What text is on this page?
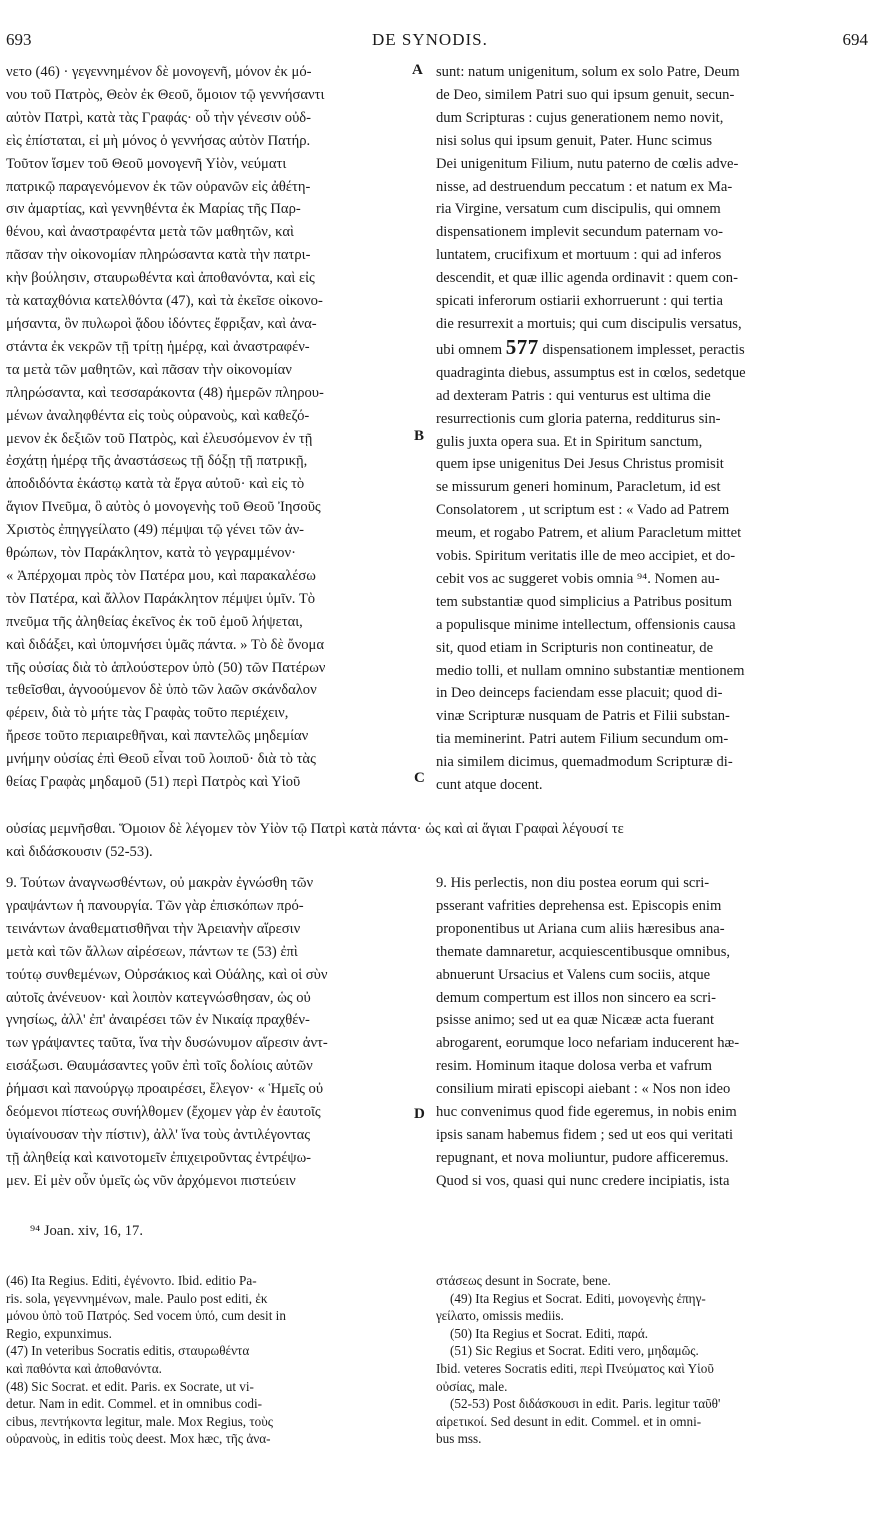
693	DE SYNODIS.	694
νετο (46) · γεγεννημένον δὲ μονογενῆ, μόνον ἐκ μό-
νου τοῦ Πατρὸς, Θεὸν ἐκ Θεοῦ, ὅμοιον τῷ γεννήσαντι
αὐτὸν Πατρὶ, κατὰ τὰς Γραφάς· οὗ τὴν γένεσιν οὐδ-
εὶς ἐπίσταται, εἰ μὴ μόνος ὁ γεννήσας αὐτὸν Πατήρ.
Τοῦτον ἴσμεν τοῦ Θεοῦ μονογενῆ Υἱὸν, νεύματι
πατρικῷ παραγενόμενον ἐκ τῶν οὐρανῶν εἰς ἀθέτη-
σιν ἁμαρτίας, καὶ γεννηθέντα ἐκ Μαρίας τῆς Παρ-
θένου, καὶ ἀναστραφέντα μετὰ τῶν μαθητῶν, καὶ
πᾶσαν τὴν οἰκονομίαν πληρώσαντα κατὰ τὴν πατρι-
κὴν βούλησιν, σταυρωθέντα καὶ ἀποθανόντα, καὶ εἰς
τὰ καταχθόνια κατελθόντα (47), καὶ τὰ ἐκεῖσε οἰκονο-
μήσαντα, ὃν πυλωροὶ ᾅδου ἰδόντες ἔφριξαν, καὶ ἀνα-
στάντα ἐκ νεκρῶν τῇ τρίτῃ ἡμέρᾳ, καὶ ἀναστραφέν-
τα μετὰ τῶν μαθητῶν, καὶ πᾶσαν τὴν οἰκονομίαν
πληρώσαντα, καὶ τεσσαράκοντα (48) ἡμερῶν πληρου-
μένων ἀναληφθέντα εἰς τοὺς οὐρανοὺς, καὶ καθεζό-
μενον ἐκ δεξιῶν τοῦ Πατρὸς, καὶ ἐλευσόμενον ἐν τῇ
ἐσχάτῃ ἡμέρᾳ τῆς ἀναστάσεως τῇ δόξῃ τῇ πατρικῇ,
ἀποδιδόντα ἑκάστῳ κατὰ τὰ ἔργα αὐτοῦ· καὶ εἰς τὸ
ἅγιον Πνεῦμα, ὃ αὐτὸς ὁ μονογενὴς τοῦ Θεοῦ Ἰησοῦς
Χριστὸς ἐπηγγείλατο (49) πέμψαι τῷ γένει τῶν ἀν-
θρώπων, τὸν Παράκλητον, κατὰ τὸ γεγραμμένον·
« Ἀπέρχομαι πρὸς τὸν Πατέρα μου, καὶ παρακαλέσω
τὸν Πατέρα, καὶ ἄλλον Παράκλητον πέμψει ὑμῖν. Τὸ
πνεῦμα τῆς ἀληθείας ἐκεῖνος ἐκ τοῦ ἐμοῦ λήψεται,
καὶ διδάξει, καὶ ὑπομνήσει ὑμᾶς πάντα. » Τὸ δὲ ὄνομα
τῆς οὐσίας διὰ τὸ ἁπλούστερον ὑπὸ (50) τῶν Πατέρων
τεθεῖσθαι, ἀγνοούμενον δὲ ὑπὸ τῶν λαῶν σκάνδαλον
φέρειν, διὰ τὸ μήτε τὰς Γραφὰς τοῦτο περιέχειν,
ἤρεσε τοῦτο περιαιρεθῆναι, καὶ παντελῶς μηδεμίαν
μνήμην οὐσίας ἐπὶ Θεοῦ εἶναι τοῦ λοιποῦ· διὰ τὸ τὰς
θείας Γραφὰς μηδαμοῦ (51) περὶ Πατρὸς καὶ Υἱοῦ
sunt: natum unigenitum, solum ex solo Patre, Deum
de Deo, similem Patri suo qui ipsum genuit, secun-
dum Scripturas : cujus generationem nemo novit,
nisi solus qui ipsum genuit, Pater. Hunc scimus
Dei unigenitum Filium, nutu paterno de cœlis adve-
nisse, ad destruendum peccatum : et natum ex Ma-
ria Virgine, versatum cum discipulis, qui omnem
dispensationem implevit secundum paternam vo-
luntatem, crucifixum et mortuum : qui ad inferos
descendit, et quæ illic agenda ordinavit : quem con-
spicati inferorum ostiarii exhorruerunt : qui tertia
die resurrexit a mortuis; qui cum discipulis versatus,
ubi omnem 577 dispensationem implesset, peractis
quadraginta diebus, assumptus est in cœlos, sedetque
ad dexteram Patris : qui venturus est ultima die
resurrectionis cum gloria paterna, redditurus sin-
gulis juxta opera sua. Et in Spiritum sanctum,
quem ipse unigenitus Dei Jesus Christus promisit
se missurum generi hominum, Paracletum, id est
Consolatorem , ut scriptum est : « Vado ad Patrem
meum, et rogabo Patrem, et alium Paracletum mittet
vobis. Spiritum veritatis ille de meo accipiet, et do-
cebit vos ac suggeret vobis omnia ⁹⁴. Nomen au-
tem substantiæ quod simplicius a Patribus positum
a populisque minime intellectum, offensionis causa
sit, quod etiam in Scripturis non contineatur, de
medio tolli, et nullam omnino substantiæ mentionem
in Deo deinceps faciendam esse placuit; quod di-
vinæ Scripturæ nusquam de Patris et Filii substan-
tia meminerint. Patri autem Filium secundum om-
nia similem dicimus, quemadmodum Scripturæ di-
cunt atque docent.
A
B
C
D
οὐσίας μεμνῆσθαι. Ὅμοιον δὲ λέγομεν τὸν Υἱὸν τῷ Πατρὶ κατὰ πάντα· ὡς καὶ αἱ ἅγιαι Γραφαὶ λέγουσί τε
καὶ διδάσκουσιν (52-53).
9. Τούτων ἀναγνωσθέντων, οὐ μακρὰν ἐγνώσθη τῶν
γραψάντων ἡ πανουργία. Τῶν γὰρ ἐπισκόπων πρό-
τεινάντων ἀναθεματισθῆναι τὴν Ἀρειανὴν αἵρεσιν
μετὰ καὶ τῶν ἄλλων αἱρέσεων, πάντων τε (53) ἐπὶ
τούτῳ συνθεμένων, Οὐρσάκιος καὶ Οὐάλης, καὶ οἱ σὺν
αὐτοῖς ἀνένευον· καὶ λοιπὸν κατεγνώσθησαν, ὡς οὐ
γνησίως, ἀλλ' ἐπ' ἀναιρέσει τῶν ἐν Νικαίᾳ πραχθέν-
των γράψαντες ταῦτα, ἵνα τὴν δυσώνυμον αἵρεσιν ἀντ-
εισάξωσι. Θαυμάσαντες γοῦν ἐπὶ τοῖς δολίοις αὐτῶν
ῥήμασι καὶ πανούργῳ προαιρέσει, ἔλεγον· « Ἡμεῖς οὐ
δεόμενοι πίστεως συνήλθομεν (ἔχομεν γὰρ ἐν ἑαυτοῖς
ὑγιαίνουσαν τὴν πίστιν), ἀλλ' ἵνα τοὺς ἀντιλέγοντας
τῇ ἀληθείᾳ καὶ καινοτομεῖν ἐπιχειροῦντας ἐντρέψω-
μεν. Εἰ μὲν οὖν ὑμεῖς ὡς νῦν ἀρχόμενοι πιστεύειν
9. His perlectis, non diu postea eorum qui scri-
psserant vafrities deprehensa est. Episcopis enim
proponentibus ut Ariana cum aliis hæresibus ana-
themate damnaretur, acquiescentibusque omnibus,
abnuerunt Ursacius et Valens cum sociis, atque
demum compertum est illos non sincero ea scri-
psisse animo; sed ut ea quæ Nicææ acta fuerant
abrogarent, eorumque loco nefariam inducerent hæ-
resim. Hominum itaque dolosa verba et vafrum
consilium mirati episcopi aiebant : « Nos non ideo
huc convenimus quod fide egeremus, in nobis enim
ipsis sanam habemus fidem ; sed ut eos qui veritati
repugnant, et nova moliuntur, pudore afficeremus.
Quod si vos, quasi qui nunc credere incipiatis, ista
⁹⁴ Joan. xiv, 16, 17.
(46) Ita Regius. Editi, ἐγένοντο. Ibid. editio Pa-
ris. sola, γεγεννημένων, male. Paulo post editi, ἐκ
μόνου ὑπὸ τοῦ Πατρός. Sed vocem ὑπό, cum desit in
Regio, expunximus.
(47) In veteribus Socratis editis, σταυρωθέντα
καὶ παθόντα καὶ ἀποθανόντα.
(48) Sic Socrat. et edit. Paris. ex Socrate, ut vi-
detur. Nam in edit. Commel. et in omnibus codi-
cibus, πεντήκοντα legitur, male. Mox Regius, τοὺς
οὐρανοὺς, in editis τοὺς deest. Mox hæc, τῆς ἀνα-
στάσεως desunt in Socrate, bene.
(49) Ita Regius et Socrat. Editi, μονογενὴς ἐπηγ-
γείλατο, omissis mediis.
(50) Ita Regius et Socrat. Editi, παρά.
(51) Sic Regius et Socrat. Editi vero, μηδαμῶς.
Ibid. veteres Socratis editi, περὶ Πνεύματος καὶ Υἱοῦ
οὐσίας, male.
(52-53) Post διδάσκουσι in edit. Paris. legitur ταῦθ'
αἱρετικοί. Sed desunt in edit. Commel. et in omni-
bus mss.
